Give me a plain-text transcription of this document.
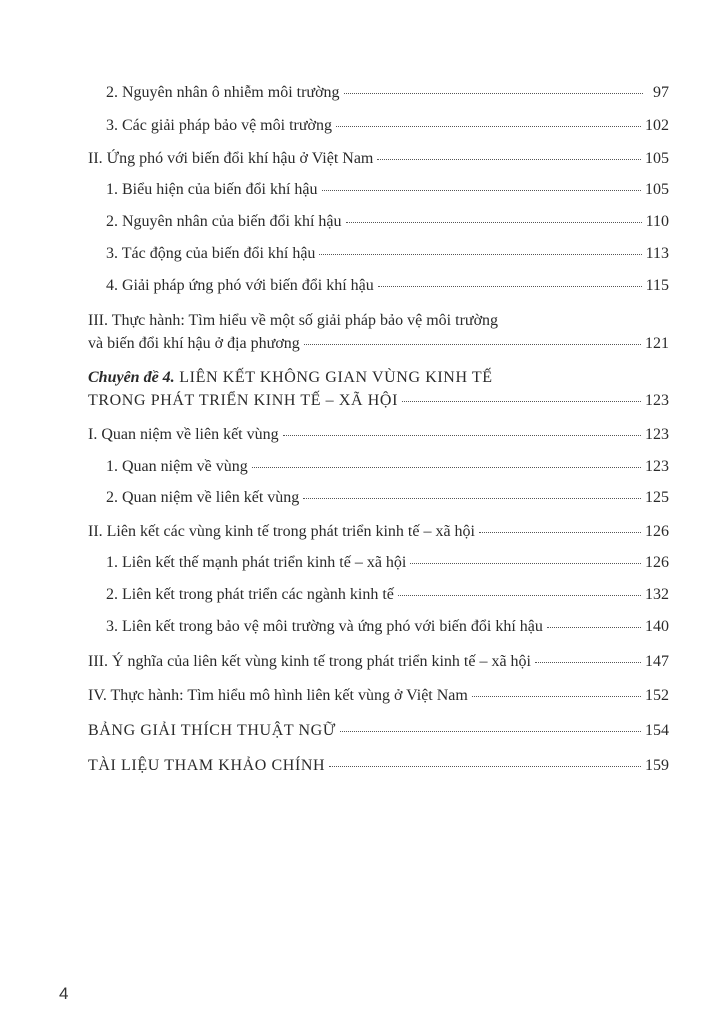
2. Nguyên nhân ô nhiễm môi trường	97
3. Các giải pháp bảo vệ môi trường	102
II. Ứng phó với biến đổi khí hậu ở Việt Nam	105
1. Biểu hiện của biến đổi khí hậu	105
2. Nguyên nhân của biến đổi khí hậu	110
3. Tác động của biến đổi khí hậu	113
4. Giải pháp ứng phó với biến đổi khí hậu	115
III. Thực hành: Tìm hiểu về một số giải pháp bảo vệ môi trường
và biến đổi khí hậu ở địa phương	121
Chuyên đề 4. LIÊN KẾT KHÔNG GIAN VÙNG KINH TẾ
TRONG PHÁT TRIỂN KINH TẾ – XÃ HỘI	123
I. Quan niệm về liên kết vùng	123
1. Quan niệm về vùng	123
2. Quan niệm về liên kết vùng	125
II. Liên kết các vùng kinh tế trong phát triển kinh tế – xã hội	126
1. Liên kết thế mạnh phát triển kinh tế – xã hội	126
2. Liên kết trong phát triển các ngành kinh tế	132
3. Liên kết trong bảo vệ môi trường và ứng phó với biến đổi khí hậu	140
III. Ý nghĩa của liên kết vùng kinh tế trong phát triển kinh tế – xã hội	147
IV. Thực hành: Tìm hiểu mô hình liên kết vùng ở Việt Nam	152
BẢNG GIẢI THÍCH THUẬT NGỮ	154
TÀI LIỆU THAM KHẢO CHÍNH	159
4
